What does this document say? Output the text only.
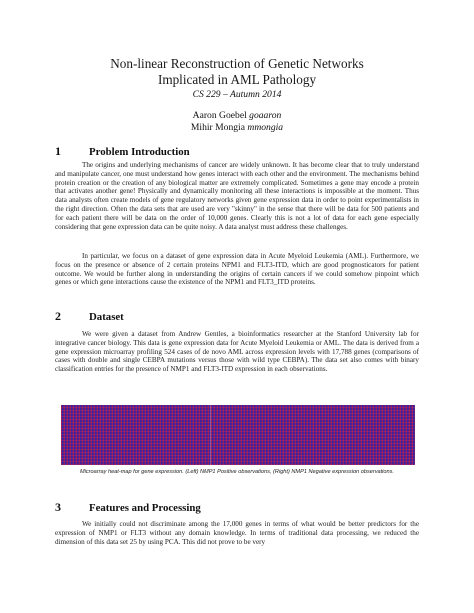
Non-linear Reconstruction of Genetic Networks
Implicated in AML Pathology
CS 229 – Autumn 2014
Aaron Goebel goaaron
Mihir Mongia mmongia
1	Problem Introduction

The origins and underlying mechanisms of cancer are widely unknown. It has become clear that to truly understand and manipulate cancer, one must understand how genes interact with each other and the environment. The mechanisms behind protein creation or the creation of any biological matter are extremely complicated. Sometimes a gene may encode a protein that activates another gene! Physically and dynamically monitoring all these interactions is impossible at the moment. Thus data analysts often create models of gene regulatory networks given gene expression data in order to point experimentalists in the right direction. Often the data sets that are used are very "skinny" in the sense that there will be data for 500 patients and for each patient there will be data on the order of 10,000 genes. Clearly this is not a lot of data for each gene especially considering that gene expression data can be quite noisy. A data analyst must address these challenges.

In particular, we focus on a dataset of gene expression data in Acute Myeloid Leukemia (AML). Furthermore, we focus on the presence or absence of 2 certain proteins NPM1 and FLT3-ITD, which are good prognosticators for patient outcome. We would be further along in understanding the origins of certain cancers if we could somehow pinpoint which genes or which gene interactions cause the existence of the NPM1 and FLT3_ITD proteins.

2	Dataset

We were given a dataset from Andrew Gentles, a bioinformatics researcher at the Stanford University lab for integrative cancer biology. This data is gene expression data for Acute Myeloid Leukemia or AML. The data is derived from a gene expression microarray profiling 524 cases of de novo AML across expression levels with 17,788 genes (comparisons of cases with double and single CEBPA mutations versus those with wild type CEBPA). The data set also comes with binary classification entries for the presence of NMP1 and FLT3-ITD expression in each observations.

Microarray heat-map for gene expression. (Left) NMP1 Positive observations, (Right) NMP1 Negative expression observations.
3	Features and Processing

We initially could not discriminate among the 17,000 genes in terms of what would be better predictors for the expression of NMP1 or FLT3 without any domain knowledge. In terms of traditional data processing, we reduced the dimension of this data set 25 by using PCA. This did not prove to be very
